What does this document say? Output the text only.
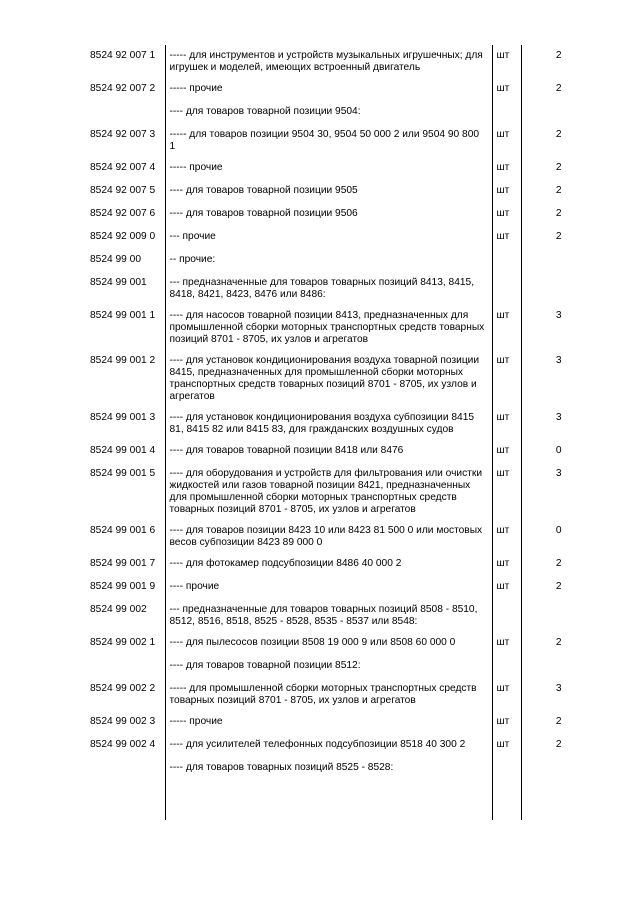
8524 92 007 1	----- для инструментов и устройств музыкальных игрушечных; для игрушек и моделей, имеющих встроенный двигатель	шт	2
8524 92 007 2	----- прочие	шт	2
	---- для товаров товарной позиции 9504:		
8524 92 007 3	----- для товаров позиции 9504 30, 9504 50 000 2 или 9504 90 800 1	шт	2
8524 92 007 4	----- прочие	шт	2
8524 92 007 5	---- для товаров товарной позиции 9505	шт	2
8524 92 007 6	---- для товаров товарной позиции 9506	шт	2
8524 92 009 0	--- прочие	шт	2
8524 99 00	-- прочие:		
8524 99 001	--- предназначенные для товаров товарных позиций 8413, 8415, 8418, 8421, 8423, 8476 или 8486:		
8524 99 001 1	---- для насосов товарной позиции 8413, предназначенных для промышленной сборки моторных транспортных средств товарных позиций 8701 - 8705, их узлов и агрегатов	шт	3
8524 99 001 2	---- для установок кондиционирования воздуха товарной позиции 8415, предназначенных для промышленной сборки моторных транспортных средств товарных позиций 8701 - 8705, их узлов и агрегатов	шт	3
8524 99 001 3	---- для установок кондиционирования воздуха субпозиции 8415 81, 8415 82 или 8415 83, для гражданских воздушных судов	шт	3
8524 99 001 4	---- для товаров товарной позиции 8418 или 8476	шт	0
8524 99 001 5	---- для оборудования и устройств для фильтрования или очистки жидкостей или газов товарной позиции 8421, предназначенных для промышленной сборки моторных транспортных средств товарных позиций 8701 - 8705, их узлов и агрегатов	шт	3
8524 99 001 6	---- для товаров позиции 8423 10 или 8423 81 500 0 или мостовых весов субпозиции 8423 89 000 0	шт	0
8524 99 001 7	---- для фотокамер подсубпозиции 8486 40 000 2	шт	2
8524 99 001 9	---- прочие	шт	2
8524 99 002	--- предназначенные для товаров товарных позиций 8508 - 8510, 8512, 8516, 8518, 8525 - 8528, 8535 - 8537 или 8548:		
8524 99 002 1	---- для пылесосов позиции 8508 19 000 9 или 8508 60 000 0	шт	2
	---- для товаров товарной позиции 8512:		
8524 99 002 2	----- для промышленной сборки моторных транспортных средств товарных позиций 8701 - 8705, их узлов и агрегатов	шт	3
8524 99 002 3	----- прочие	шт	2
8524 99 002 4	---- для усилителей телефонных подсубпозиции 8518 40 300 2	шт	2
	---- для товаров товарных позиций 8525 - 8528:		
